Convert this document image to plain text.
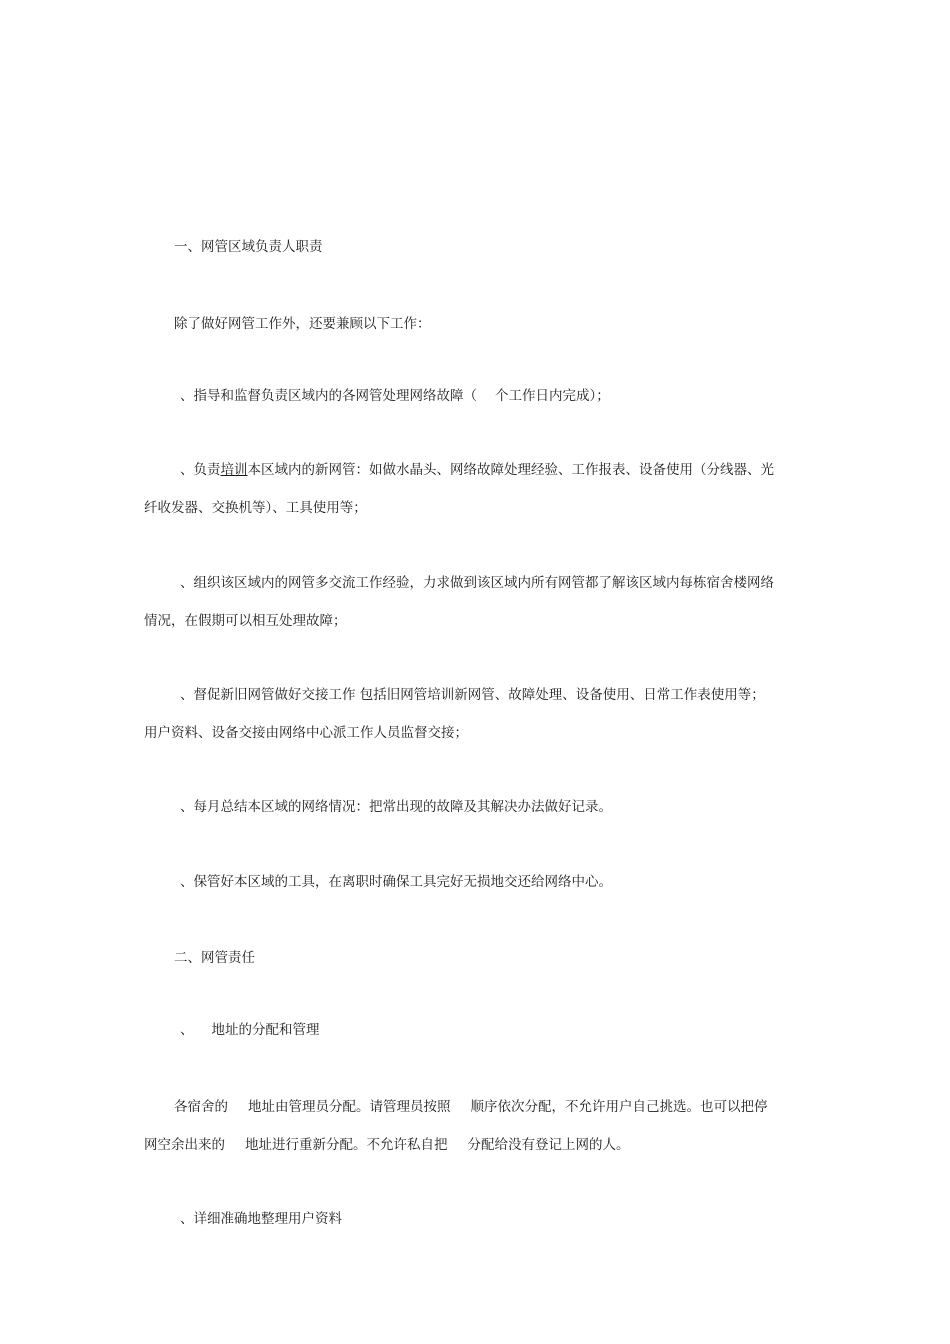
一、网管区域负责人职责

除了做好网管工作外，还要兼顾以下工作：

、指导和监督负责区域内的各网管处理网络故障（ 个工作日内完成）；

、负责培训本区域内的新网管：如做水晶头、网络故障处理经验、工作报表、设备使用（分线器、光

纤收发器、交换机等）、工具使用等；

、组织该区域内的网管多交流工作经验，力求做到该区域内所有网管都了解该区域内每栋宿舍楼网络

情况，在假期可以相互处理故障；

、督促新旧网管做好交接工作 包括旧网管培训新网管、故障处理、设备使用、日常工作表使用等；

用户资料、设备交接由网络中心派工作人员监督交接；

、每月总结本区域的网络情况：把常出现的故障及其解决办法做好记录。

、保管好本区域的工具，在离职时确保工具完好无损地交还给网络中心。

二、网管责任

、 地址的分配和管理

各宿舍的 地址由管理员分配。请管理员按照 顺序依次分配，不允许用户自己挑选。也可以把停

网空余出来的 地址进行重新分配。不允许私自把 分配给没有登记上网的人。

、详细准确地整理用户资料
